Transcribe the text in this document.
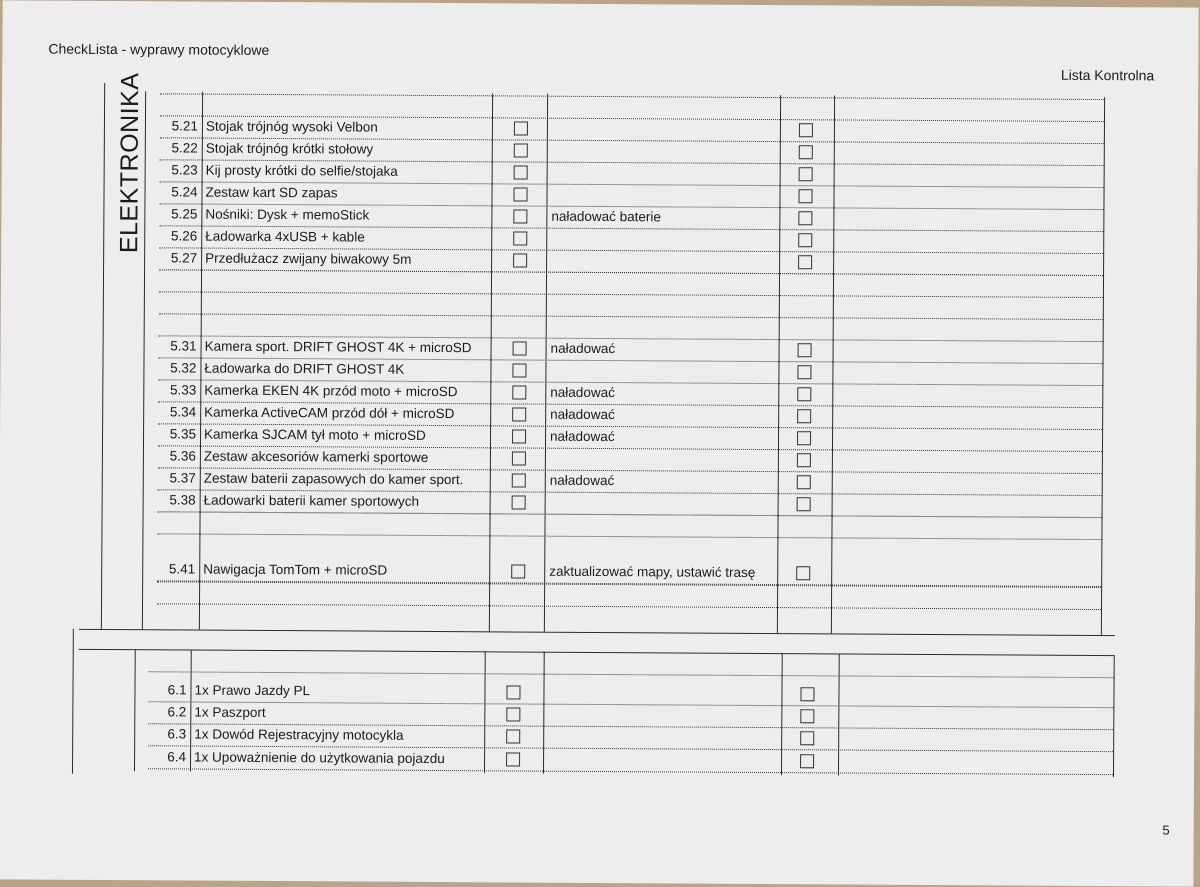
CheckLista - wyprawy motocyklowe
Lista Kontrolna
5
ELEKTRONIKA	5.21 Stojak trójnóg wysoki Velbon
5.22 Stojak trójnóg krótki stołowy
5.23 Kij prosty krótki do selfie/stojaka
5.24 Zestaw kart SD zapas
5.25 Nośniki: Dysk + memoStick	naładować baterie
5.26 Ładowarka 4xUSB + kable
5.27 Przedłużacz zwijany biwakowy 5m
5.31 Kamera sport. DRIFT GHOST 4K + microSD	naładować
5.32 Ładowarka do DRIFT GHOST 4K
5.33 Kamerka EKEN 4K przód moto + microSD	naładować
5.34 Kamerka ActiveCAM przód dół + microSD	naładować
5.35 Kamerka SJCAM tył moto + microSD	naładować
5.36 Zestaw akcesoriów kamerki sportowe
5.37 Zestaw baterii zapasowych do kamer sport.	naładować
5.38 Ładowarki baterii kamer sportowych
5.41 Nawigacja TomTom + microSD	zaktualizować mapy, ustawić trasę
6.1 1x Prawo Jazdy PL
6.2 1x Paszport
6.3 1x Dowód Rejestracyjny motocykla
6.4 1x Upoważnienie do użytkowania pojazdu
